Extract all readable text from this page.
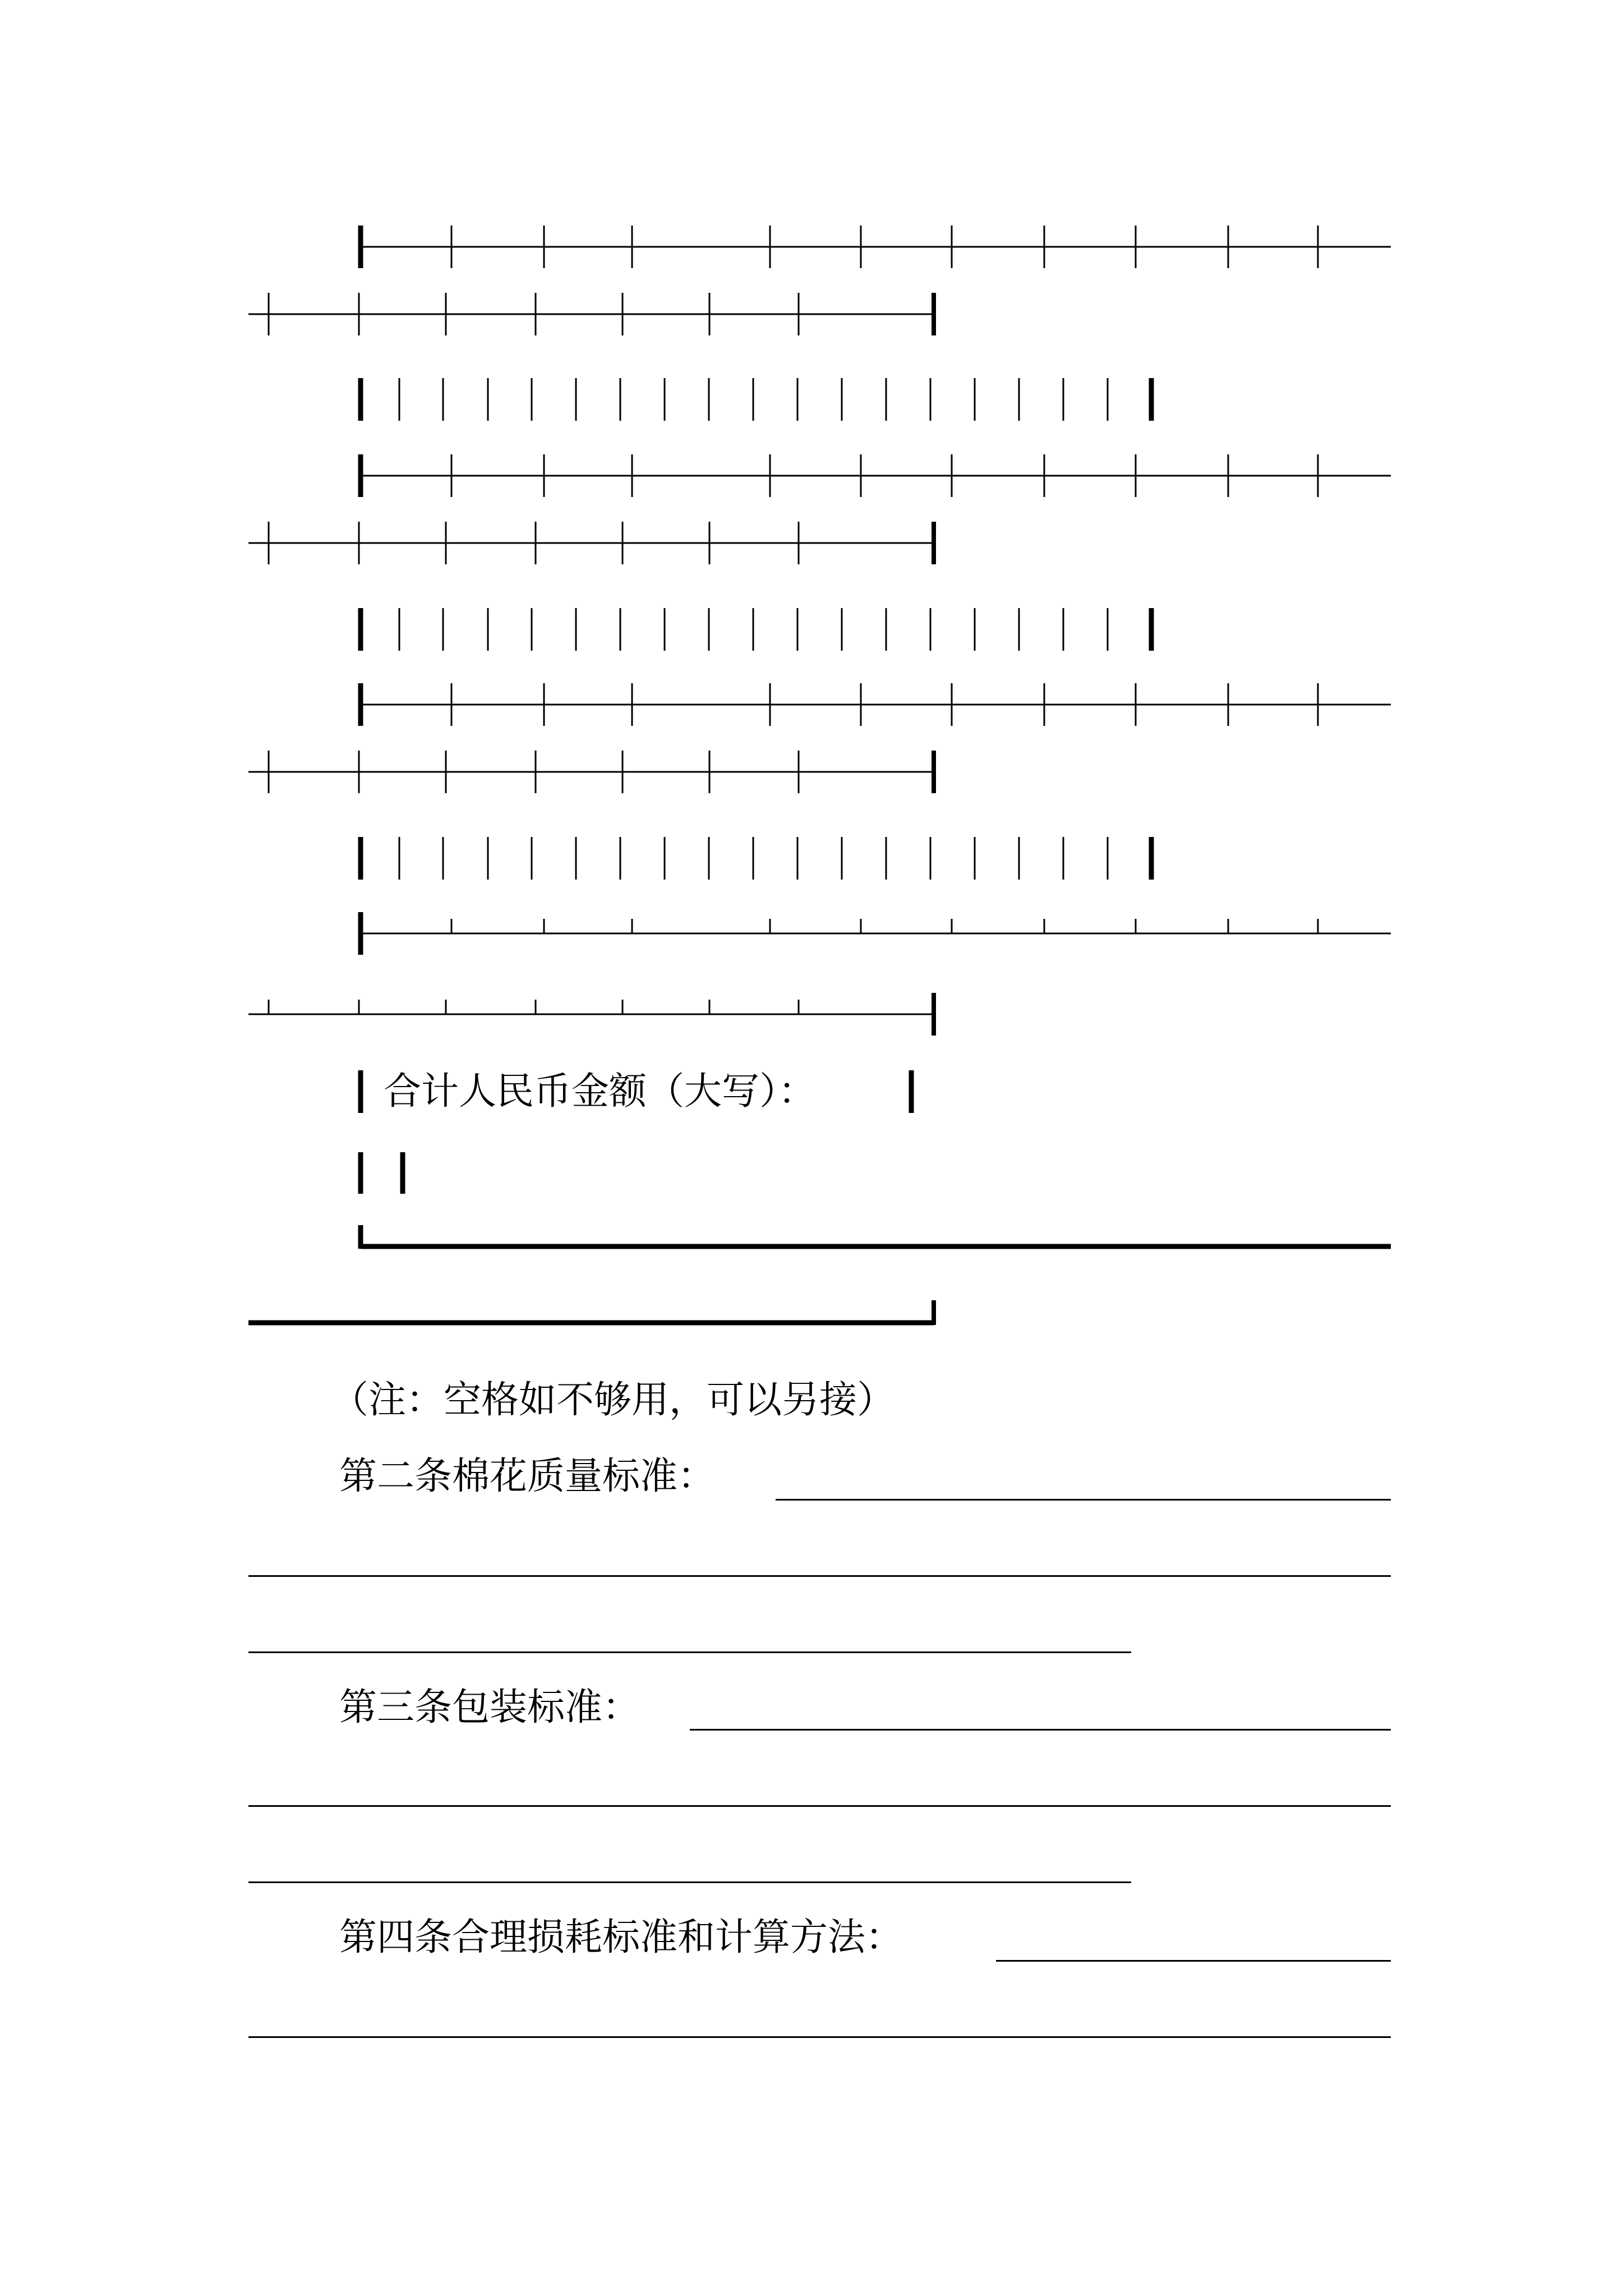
合计人民币金额（大写）：
（注：空格如不够用，可以另接）
第二条棉花质量标准：
第三条包装标准：
第四条合理损耗标准和计算方法：
